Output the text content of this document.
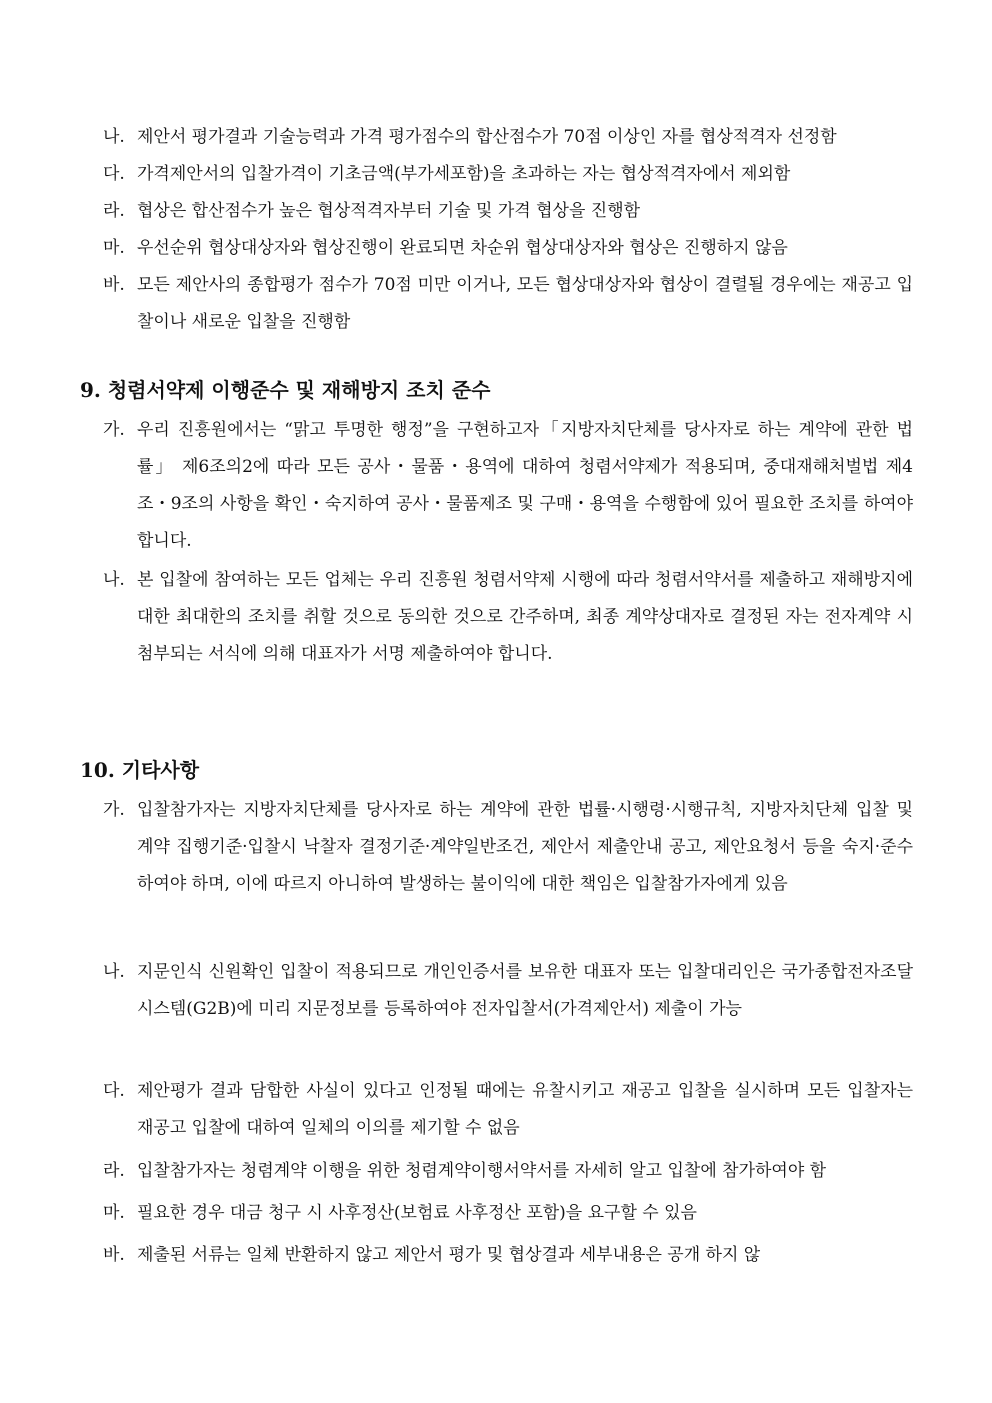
나. 제안서 평가결과 기술능력과 가격 평가점수의 합산점수가 70점 이상인 자를 협상적격자 선정함
다. 가격제안서의 입찰가격이 기초금액(부가세포함)을 초과하는 자는 협상적격자에서 제외함
라. 협상은 합산점수가 높은 협상적격자부터 기술 및 가격 협상을 진행함
마. 우선순위 협상대상자와 협상진행이 완료되면 차순위 협상대상자와 협상은 진행하지 않음
바. 모든 제안사의 종합평가 점수가 70점 미만 이거나, 모든 협상대상자와 협상이 결렬될 경우에는 재공고 입찰이나 새로운 입찰을 진행함
9. 청렴서약제 이행준수 및 재해방지 조치 준수
가. 우리 진흥원에서는 “맑고 투명한 행정”을 구현하고자「지방자치단체를 당사자로 하는 계약에 관한 법률」 제6조의2에 따라 모든 공사・물품・용역에 대하여 청렴서약제가 적용되며, 중대재해처벌법 제4조・9조의 사항을 확인・숙지하여 공사・물품제조 및 구매・용역을 수행함에 있어 필요한 조치를 하여야 합니다.
나. 본 입찰에 참여하는 모든 업체는 우리 진흥원 청렴서약제 시행에 따라 청렴서약서를 제출하고 재해방지에 대한 최대한의 조치를 취할 것으로 동의한 것으로 간주하며, 최종 계약상대자로 결정된 자는 전자계약 시 첨부되는 서식에 의해 대표자가 서명 제출하여야 합니다.
10. 기타사항
가. 입찰참가자는 지방자치단체를 당사자로 하는 계약에 관한 법률·시행령·시행규칙, 지방자치단체 입찰 및 계약 집행기준·입찰시 낙찰자 결정기준·계약일반조건, 제안서 제출안내 공고, 제안요청서 등을 숙지·준수하여야 하며, 이에 따르지 아니하여 발생하는 불이익에 대한 책임은 입찰참가자에게 있음
나. 지문인식 신원확인 입찰이 적용되므로 개인인증서를 보유한 대표자 또는 입찰대리인은 국가종합전자조달시스템(G2B)에 미리 지문정보를 등록하여야 전자입찰서(가격제안서) 제출이 가능
다. 제안평가 결과 담합한 사실이 있다고 인정될 때에는 유찰시키고 재공고 입찰을 실시하며 모든 입찰자는 재공고 입찰에 대하여 일체의 이의를 제기할 수 없음
라. 입찰참가자는 청렴계약 이행을 위한 청렴계약이행서약서를 자세히 알고 입찰에 참가하여야 함
마. 필요한 경우 대금 청구 시 사후정산(보험료 사후정산 포함)을 요구할 수 있음
바. 제출된 서류는 일체 반환하지 않고 제안서 평가 및 협상결과 세부내용은 공개 하지 않
